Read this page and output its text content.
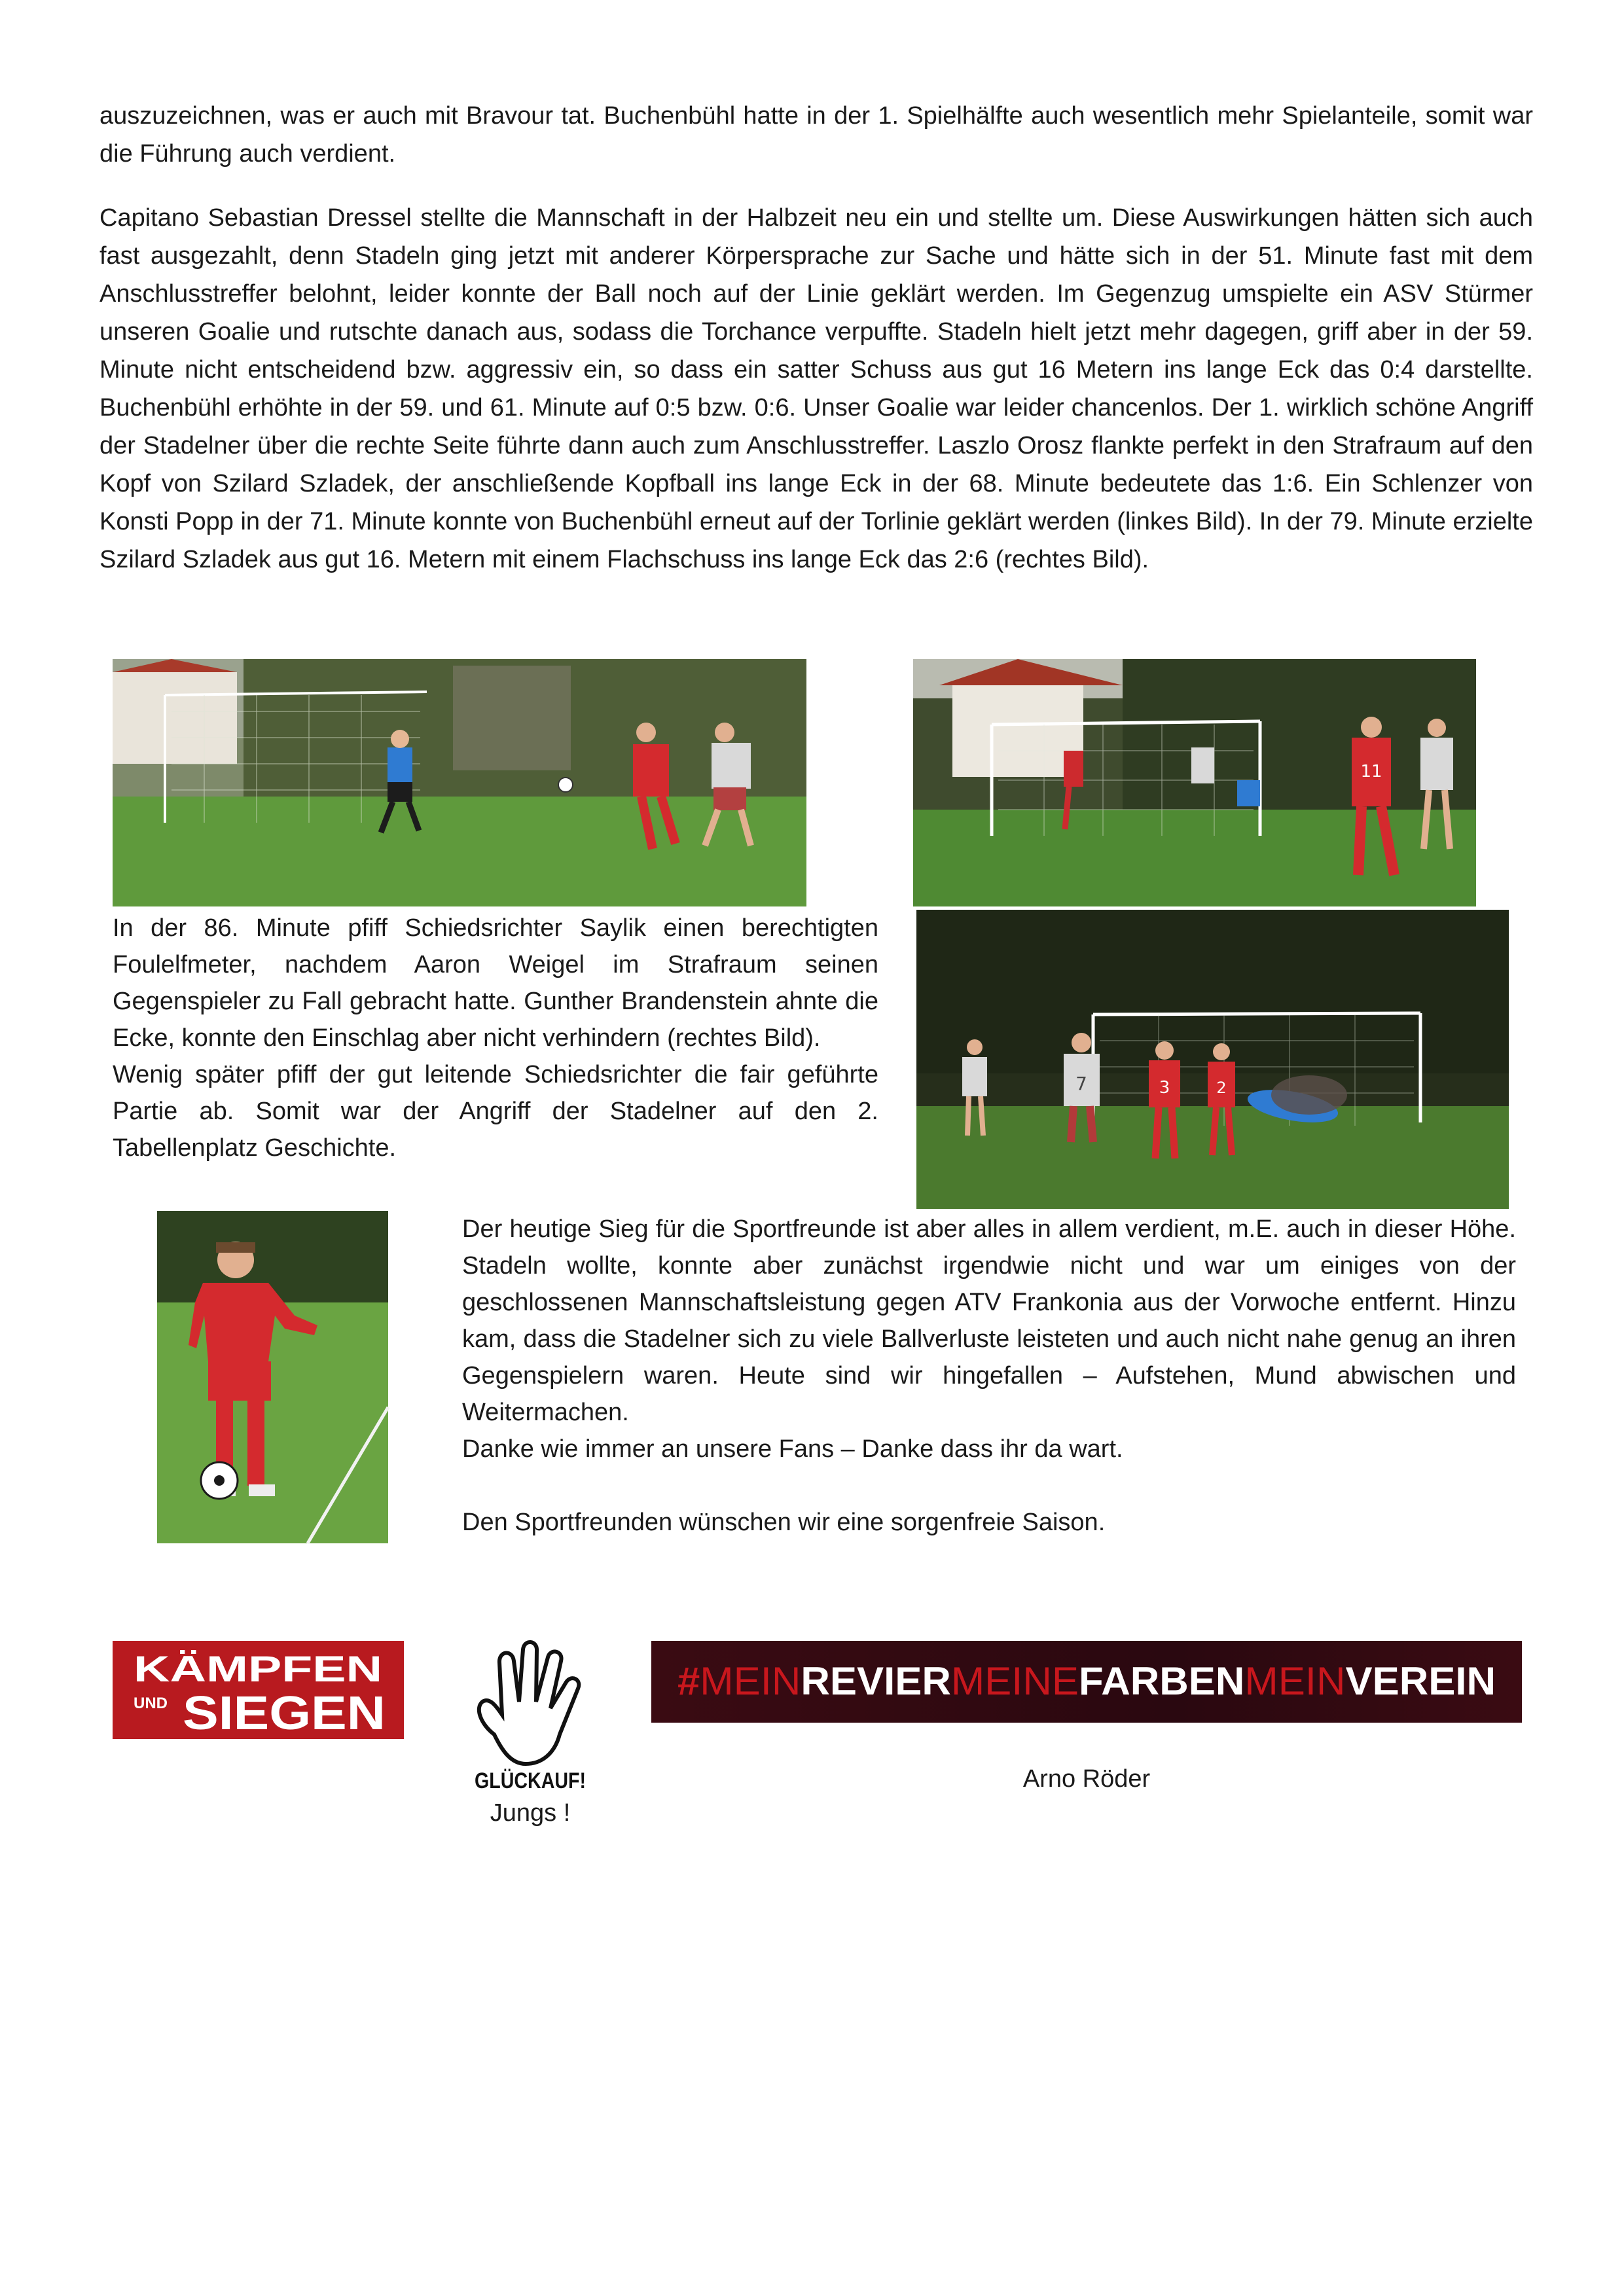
auszuzeichnen, was er auch mit Bravour tat. Buchenbühl hatte in der 1. Spielhälfte auch wesentlich mehr Spielanteile, somit war die Führung auch verdient.

Capitano Sebastian Dressel stellte die Mannschaft in der Halbzeit neu ein und stellte um. Diese Auswirkungen hätten sich auch fast ausgezahlt, denn Stadeln ging jetzt mit anderer Körpersprache zur Sache und hätte sich in der 51. Minute fast mit dem Anschlusstreffer belohnt, leider konnte der Ball noch auf der Linie geklärt werden. Im Gegenzug umspielte ein ASV Stürmer unseren Goalie und rutschte danach aus, sodass die Torchance verpuffte. Stadeln hielt jetzt mehr dagegen, griff aber in der 59. Minute nicht entscheidend bzw. aggressiv ein, so dass ein satter Schuss aus gut 16 Metern ins lange Eck das 0:4 darstellte. Buchenbühl erhöhte in der 59. und 61. Minute auf 0:5 bzw. 0:6. Unser Goalie war leider chancenlos. Der 1. wirklich schöne Angriff der Stadelner über die rechte Seite führte dann auch zum Anschlusstreffer. Laszlo Orosz flankte perfekt in den Strafraum auf den Kopf von Szilard Szladek, der anschließende Kopfball ins lange Eck in der 68. Minute bedeutete das 1:6. Ein Schlenzer von Konsti Popp in der 71. Minute konnte von Buchenbühl erneut auf der Torlinie geklärt werden (linkes Bild). In der 79. Minute erzielte Szilard Szladek aus gut 16. Metern mit einem Flachschuss ins lange Eck das 2:6 (rechtes Bild).

11

In der 86. Minute pfiff Schiedsrichter Saylik einen berechtigten Foulelfmeter, nachdem Aaron Weigel im Strafraum seinen Gegenspieler zu Fall gebracht hatte. Gunther Brandenstein ahnte die Ecke, konnte den Einschlag aber nicht verhindern (rechtes Bild).

Wenig später pfiff der gut leitende Schiedsrichter die fair geführte Partie ab. Somit war der Angriff der Stadelner auf den 2. Tabellenplatz Geschichte.

7	3	2

Der heutige Sieg für die Sportfreunde ist aber alles in allem verdient, m.E. auch in dieser Höhe. Stadeln wollte, konnte aber zunächst irgendwie nicht und war um einiges von der geschlossenen Mannschaftsleistung gegen ATV Frankonia aus der Vorwoche entfernt. Hinzu kam, dass die Stadelner sich zu viele Ballverluste leisteten und auch nicht nahe genug an ihren Gegenspielern waren. Heute sind wir hingefallen – Aufstehen, Mund abwischen und Weitermachen.

Danke wie immer an unsere Fans – Danke dass ihr da wart.

Den Sportfreunden wünschen wir eine sorgenfreie Saison.

KÄMPFEN
UND SIEGEN
GLÜCKAUF!
Jungs !
#MEINREVIER MEINEFARBEN MEINVEREIN
Arno Röder
